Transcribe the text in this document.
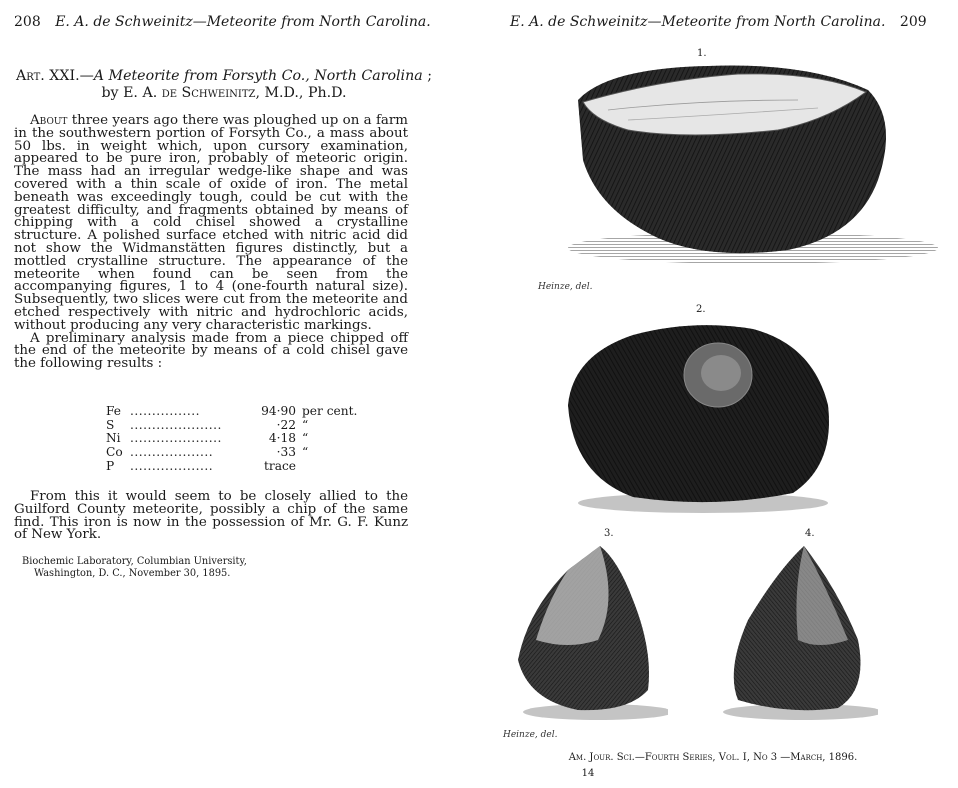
208 E. A. de Schweinitz—Meteorite from North Carolina.
Art. XXI.—A Meteorite from Forsyth Co., North Carolina ;
by E. A. de Schweinitz, M.D., Ph.D.

About three years ago there was ploughed up on a farm in the southwestern portion of Forsyth Co., a mass about 50 lbs. in weight which, upon cursory examination, appeared to be pure iron, probably of meteoric origin. The mass had an irregular wedge-like shape and was covered with a thin scale of oxide of iron. The metal beneath was exceedingly tough, could be cut with the greatest difficulty, and fragments obtained by means of chipping with a cold chisel showed a crystalline structure. A polished surface etched with nitric acid did not show the Widmanstätten figures distinctly, but a mottled crystalline structure. The appearance of the meteorite when found can be seen from the accompanying figures, 1 to 4 (one-fourth natural size). Subsequently, two slices were cut from the meteorite and etched respectively with nitric and hydrochloric acids, without producing any very characteristic markings.

A preliminary analysis made from a piece chipped off the end of the meteorite by means of a cold chisel gave the following results :

Fe ................	94·90 per cent.
S	.....................	·22 “
Ni .....................	4·18 “
Co ...................	·33 “
P	...................	trace

From this it would seem to be closely allied to the Guilford County meteorite, possibly a chip of the same find. This iron is now in the possession of Mr. G. F. Kunz of New York.

Biochemic Laboratory, Columbian University,
Washington, D. C., November 30, 1895.
E. A. de Schweinitz—Meteorite from North Carolina. 209
1.
Heinze, del.
2.
3.	4.
Heinze, del.
Am. Jour. Sci.—Fourth Series, Vol. I, No 3 —March, 1896.
14
